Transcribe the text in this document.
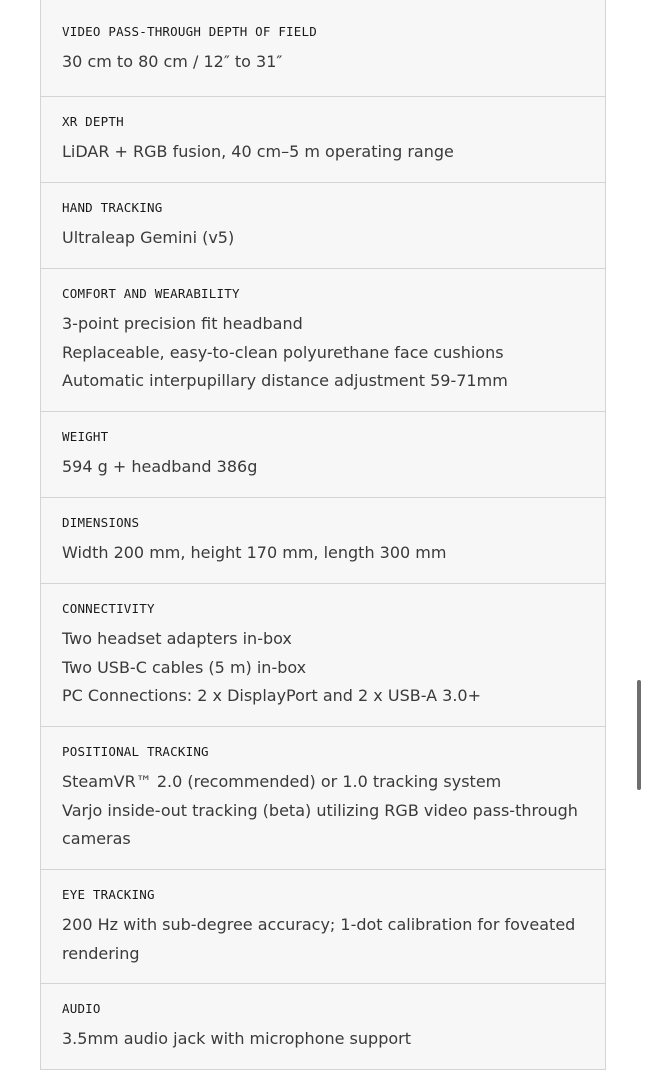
VIDEO PASS-THROUGH DEPTH OF FIELD
30 cm to 80 cm / 12″ to 31″
XR DEPTH
LiDAR + RGB fusion, 40 cm–5 m operating range
HAND TRACKING
Ultraleap Gemini (v5)
COMFORT AND WEARABILITY
3-point precision fit headband
Replaceable, easy-to-clean polyurethane face cushions
Automatic interpupillary distance adjustment 59-71mm
WEIGHT
594 g + headband 386g
DIMENSIONS
Width 200 mm, height 170 mm, length 300 mm
CONNECTIVITY
Two headset adapters in-box
Two USB-C cables (5 m) in-box
PC Connections: 2 x DisplayPort and 2 x USB-A 3.0+
POSITIONAL TRACKING
SteamVR™ 2.0 (recommended) or 1.0 tracking system
Varjo inside-out tracking (beta) utilizing RGB video pass-through cameras
EYE TRACKING
200 Hz with sub-degree accuracy; 1-dot calibration for foveated rendering
AUDIO
3.5mm audio jack with microphone support
